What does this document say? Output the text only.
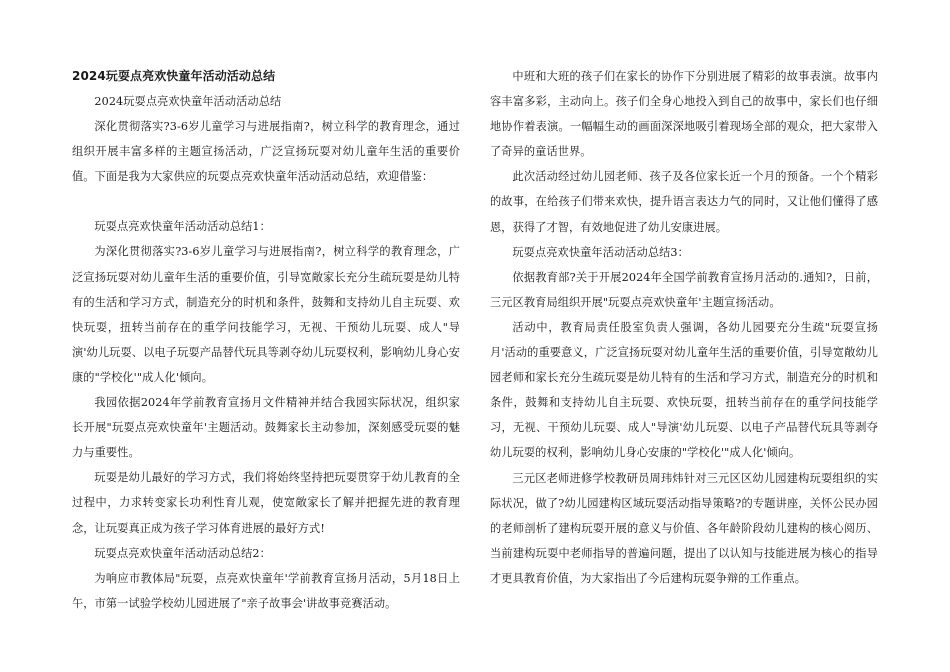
2024玩耍点亮欢快童年活动活动总结

2024玩耍点亮欢快童年活动活动总结

深化贯彻落实?3-6岁儿童学习与进展指南?，树立科学的教育理念，通过组织开展丰富多样的主题宣扬活动，广泛宣扬玩耍对幼儿童年生活的重要价值。下面是我为大家供应的玩耍点亮欢快童年活动活动总结，欢迎借鉴：

玩耍点亮欢快童年活动活动总结1：

为深化贯彻落实?3-6岁儿童学习与进展指南?，树立科学的教育理念，广泛宣扬玩耍对幼儿童年生活的重要价值，引导宽敞家长充分生疏玩耍是幼儿特有的生活和学习方式，制造充分的时机和条件，鼓舞和支持幼儿自主玩耍、欢快玩耍，扭转当前存在的重学问技能学习，无视、干预幼儿玩耍、成人"导演'幼儿玩耍、以电子玩耍产品替代玩具等剥夺幼儿玩耍权利，影响幼儿身心安康的"学校化'"成人化'倾向。

我园依据2024年学前教育宣扬月文件精神并结合我园实际状况，组织家长开展"玩耍点亮欢快童年'主题活动。鼓舞家长主动参加，深刻感受玩耍的魅力与重要性。

玩耍是幼儿最好的学习方式，我们将始终坚持把玩耍贯穿于幼儿教育的全过程中，力求转变家长功利性育儿观，使宽敞家长了解并把握先进的教育理念，让玩耍真正成为孩子学习体育进展的最好方式!

玩耍点亮欢快童年活动活动总结2：

为响应市教体局"玩耍，点亮欢快童年'学前教育宣扬月活动，5月18日上午，市第一试验学校幼儿园进展了"亲子故事会'讲故事竞赛活动。

中班和大班的孩子们在家长的协作下分别进展了精彩的故事表演。故事内容丰富多彩，主动向上。孩子们全身心地投入到自己的故事中，家长们也仔细地协作着表演。一幅幅生动的画面深深地吸引着现场全部的观众，把大家带入了奇异的童话世界。

此次活动经过幼儿园老师、孩子及各位家长近一个月的预备。一个个精彩的故事，在给孩子们带来欢快，提升语言表达力气的同时，又让他们懂得了感恩，获得了才智，有效地促进了幼儿安康进展。

玩耍点亮欢快童年活动活动总结3：

依据教育部?关于开展2024年全国学前教育宣扬月活动的.通知?，日前，三元区教育局组织开展"玩耍点亮欢快童年'主题宣扬活动。

活动中，教育局责任股室负责人强调，各幼儿园要充分生疏"玩耍宣扬月'活动的重要意义，广泛宣扬玩耍对幼儿童年生活的重要价值，引导宽敞幼儿园老师和家长充分生疏玩耍是幼儿特有的生活和学习方式，制造充分的时机和条件，鼓舞和支持幼儿自主玩耍、欢快玩耍，扭转当前存在的重学问技能学习，无视、干预幼儿玩耍、成人"导演'幼儿玩耍、以电子产品替代玩具等剥夺幼儿玩耍的权利，影响幼儿身心安康的"学校化'"成人化'倾向。

三元区老师进修学校教研员周玮炜针对三元区区幼儿园建构玩耍组织的实际状况，做了?幼儿园建构区域玩耍活动指导策略?的专题讲座，关怀公民办园的老师剖析了建构玩耍开展的意义与价值、各年龄阶段幼儿建构的核心阅历、当前建构玩耍中老师指导的普遍问题，提出了以认知与技能进展为核心的指导才更具教育价值，为大家指出了今后建构玩耍争辩的工作重点。
